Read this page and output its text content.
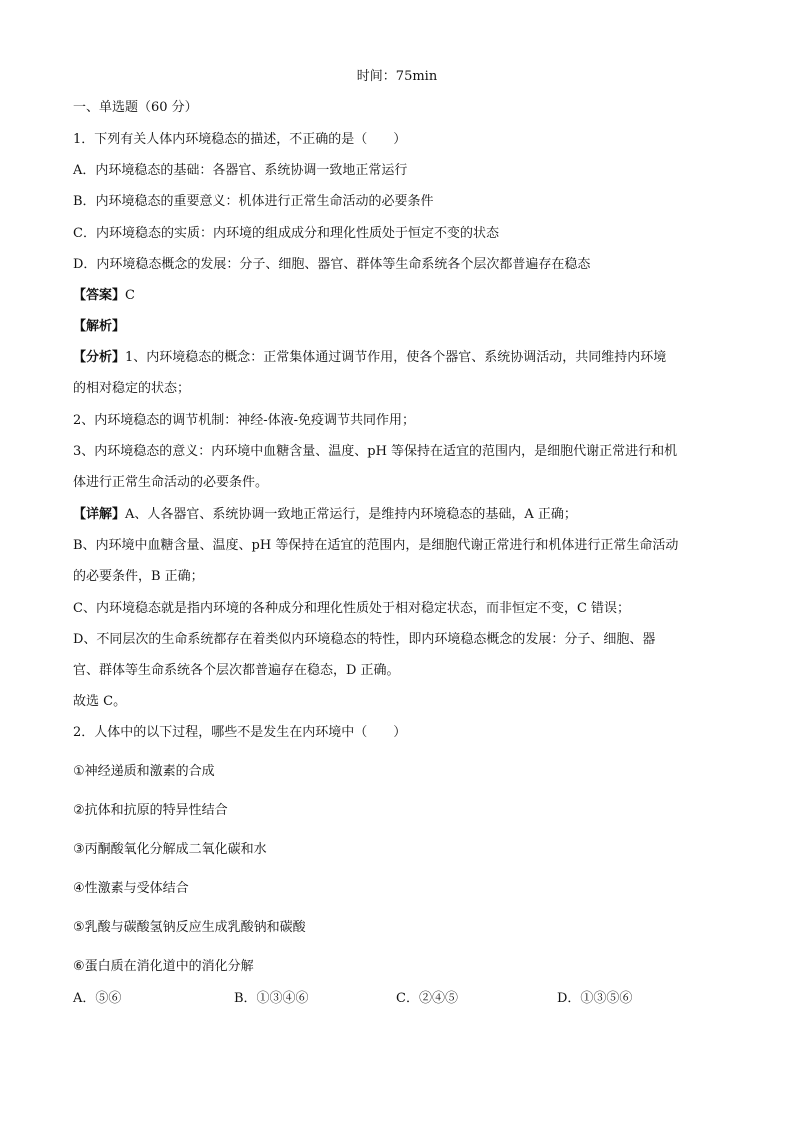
时间：75min
一、单选题（60 分）
1．下列有关人体内环境稳态的描述，不正确的是（　　）
A．内环境稳态的基础：各器官、系统协调一致地正常运行
B．内环境稳态的重要意义：机体进行正常生命活动的必要条件
C．内环境稳态的实质：内环境的组成成分和理化性质处于恒定不变的状态
D．内环境稳态概念的发展：分子、细胞、器官、群体等生命系统各个层次都普遍存在稳态
【答案】C
【解析】
【分析】1、内环境稳态的概念：正常集体通过调节作用，使各个器官、系统协调活动，共同维持内环境
的相对稳定的状态；
2、内环境稳态的调节机制：神经-体液-免疫调节共同作用；
3、内环境稳态的意义：内环境中血糖含量、温度、pH 等保持在适宜的范围内，是细胞代谢正常进行和机
体进行正常生命活动的必要条件。
【详解】A、人各器官、系统协调一致地正常运行，是维持内环境稳态的基础，A 正确；
B、内环境中血糖含量、温度、pH 等保持在适宜的范围内，是细胞代谢正常进行和机体进行正常生命活动
的必要条件，B 正确；
C、内环境稳态就是指内环境的各种成分和理化性质处于相对稳定状态，而非恒定不变，C 错误；
D、不同层次的生命系统都存在着类似内环境稳态的特性，即内环境稳态概念的发展：分子、细胞、器
官、群体等生命系统各个层次都普遍存在稳态，D 正确。
故选 C。
2．人体中的以下过程，哪些不是发生在内环境中（　　）
①神经递质和激素的合成
②抗体和抗原的特异性结合
③丙酮酸氧化分解成二氧化碳和水
④性激素与受体结合
⑤乳酸与碳酸氢钠反应生成乳酸钠和碳酸
⑥蛋白质在消化道中的消化分解
A．⑤⑥	B．①③④⑥	C．②④⑤	D．①③⑤⑥
